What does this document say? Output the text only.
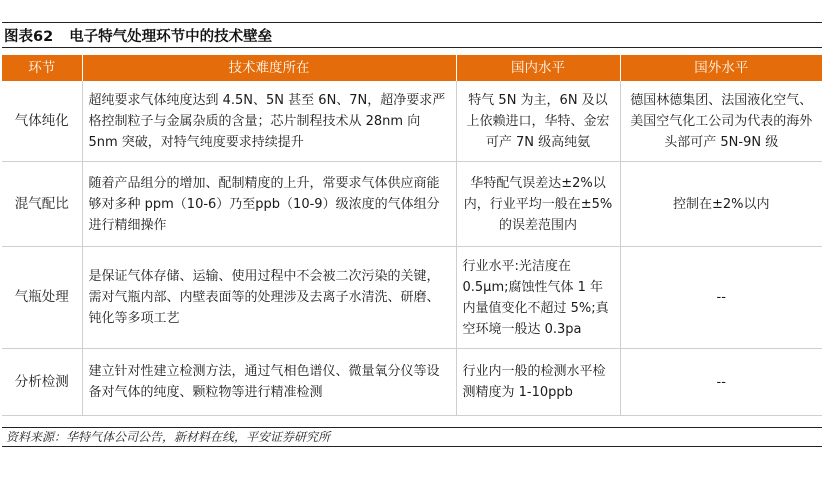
图表62 电子特气处理环节中的技术壁垒
环节	技术难度所在	国内水平	国外水平
气体纯化	超纯要求气体纯度达到 4.5N、5N 甚至 6N、7N，超净要求严格控制粒子与金属杂质的含量；芯片制程技术从 28nm 向 5nm 突破，对特气纯度要求持续提升	特气 5N 为主，6N 及以上依赖进口，华特、金宏可产 7N 级高纯氨	德国林德集团、法国液化空气、美国空气化工公司为代表的海外头部可产 5N-9N 级
混气配比	随着产品组分的增加、配制精度的上升，常要求气体供应商能够对多种 ppm（10-6）乃至ppb（10-9）级浓度的气体组分进行精细操作	华特配气误差达±2%以内，行业平均一般在±5%的误差范围内	控制在±2%以内
气瓶处理	是保证气体存储、运输、使用过程中不会被二次污染的关键，需对气瓶内部、内壁表面等的处理涉及去离子水清洗、研磨、钝化等多项工艺	行业水平:光洁度在 0.5μm;腐蚀性气体 1 年内量值变化不超过 5%;真空环境一般达 0.3pa	--
分析检测	建立针对性建立检测方法，通过气相色谱仪、微量氧分仪等设备对气体的纯度、颗粒物等进行精准检测	行业内一般的检测水平检测精度为 1-10ppb	--
资料来源：华特气体公司公告，新材料在线，平安证券研究所
